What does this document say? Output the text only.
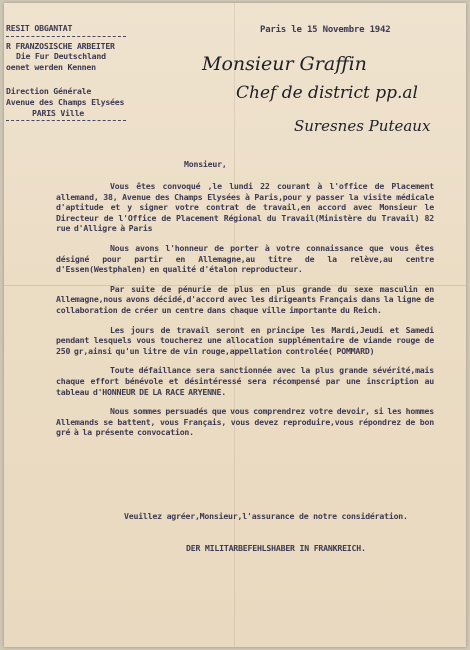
RESIT OBGANTAT
R FRANZOSISCHE ARBEITER
Die Fur Deutschland
oenet werden Kennen
Direction Générale
Avenue des Champs Elysées
PARIS Ville
Paris le 15 Novembre 1942
Monsieur Graffin
Chef de district pp.al
Suresnes Puteaux
Monsieur,

Vous êtes convoqué ,le lundi 22 courant à l'office de Placement allemand, 38, Avenue des Champs Elysées à Paris,pour y passer la visite médicale d'aptitude et y signer votre contrat de travail,en accord avec Monsieur le Directeur de l'Office de Placement Régional du Travail(Ministère du Travail) 82 rue d'Alligre à Paris

Nous avons l'honneur de porter à votre connaissance que vous êtes désigné pour partir en Allemagne,au titre de la relève,au centre d'Essen(Westphalen) en qualité d'étalon reproducteur.

Par suite de pénurie de plus en plus grande du sexe masculin en Allemagne,nous avons décidé,d'accord avec les dirigeants Français dans la ligne de collaboration de créer un centre dans chaque ville importante du Reich.

Les jours de travail seront en principe les Mardi,Jeudi et Samedi pendant lesquels vous toucherez une allocation supplémentaire de viande rouge de 250 gr,ainsi qu'un litre de vin rouge,appellation controlée( POMMARD)

Toute défaillance sera sanctionnée avec la plus grande sévérité,mais chaque effort bénévole et désintéressé sera récompensé par une inscription au tableau d'HONNEUR DE LA RACE ARYENNE.

Nous sommes persuadés que vous comprendrez votre devoir, si les hommes Allemands se battent, vous Français, vous devez reproduire,vous répondrez de bon gré à la présente convocation.

Veuillez agréer,Monsieur,l'assurance de notre considération.
DER MILITARBEFEHLSHABER IN FRANKREICH.
